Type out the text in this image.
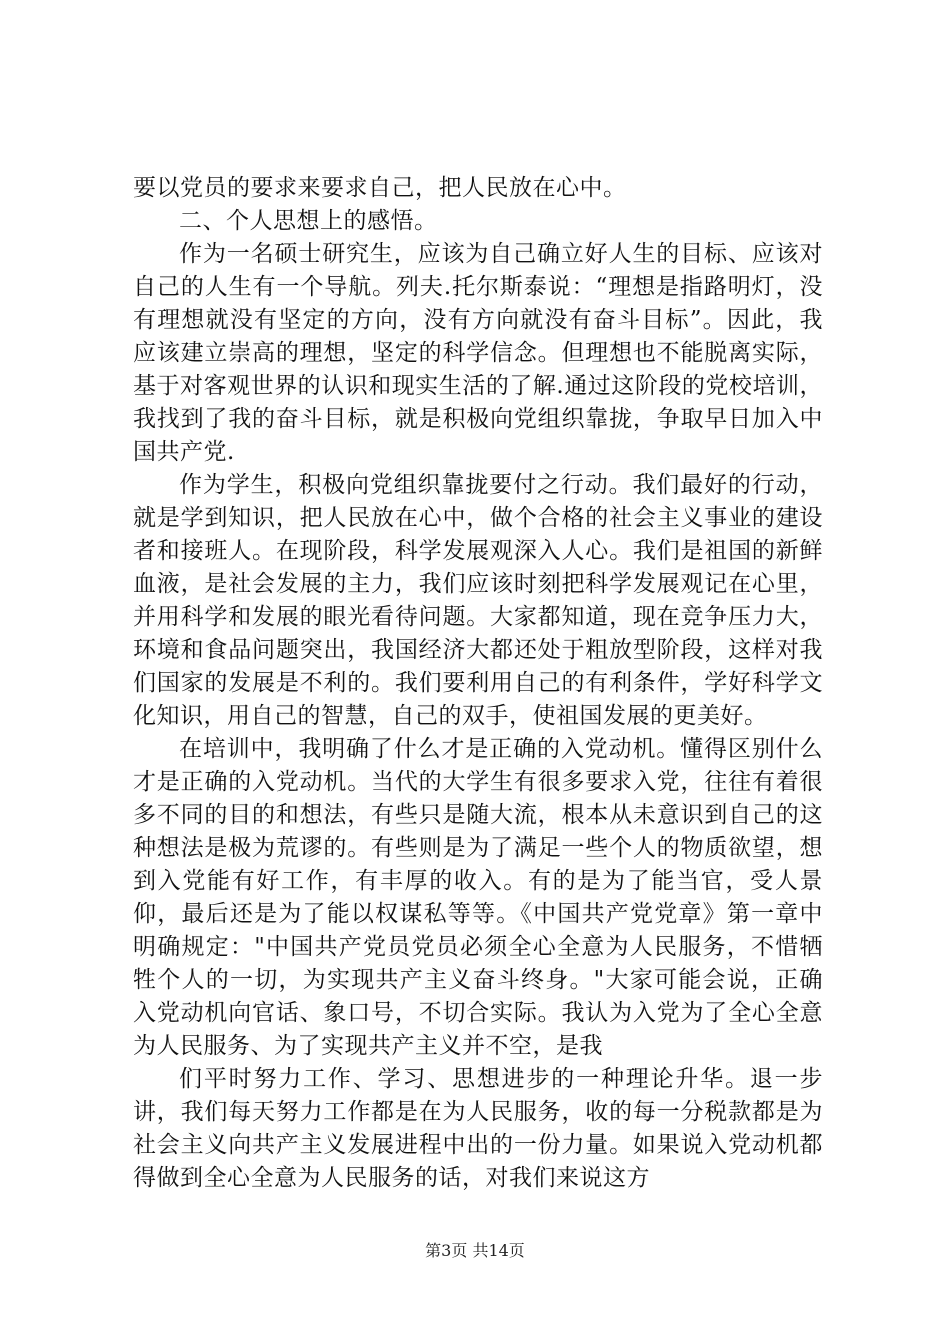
要以党员的要求来要求自己，把人民放在心中。

二、个人思想上的感悟。

作为一名硕士研究生，应该为自己确立好人生的目标、应该对自己的人生有一个导航。列夫.托尔斯泰说：“理想是指路明灯，没有理想就没有坚定的方向，没有方向就没有奋斗目标”。因此，我应该建立崇高的理想，坚定的科学信念。但理想也不能脱离实际，基于对客观世界的认识和现实生活的了解.通过这阶段的党校培训，我找到了我的奋斗目标，就是积极向党组织靠拢，争取早日加入中国共产党.

作为学生，积极向党组织靠拢要付之行动。我们最好的行动，就是学到知识，把人民放在心中，做个合格的社会主义事业的建设者和接班人。在现阶段，科学发展观深入人心。我们是祖国的新鲜血液，是社会发展的主力，我们应该时刻把科学发展观记在心里，并用科学和发展的眼光看待问题。大家都知道，现在竞争压力大，环境和食品问题突出，我国经济大都还处于粗放型阶段，这样对我们国家的发展是不利的。我们要利用自己的有利条件，学好科学文化知识，用自己的智慧，自己的双手，使祖国发展的更美好。

在培训中，我明确了什么才是正确的入党动机。懂得区别什么才是正确的入党动机。当代的大学生有很多要求入党，往往有着很多不同的目的和想法，有些只是随大流，根本从未意识到自己的这种想法是极为荒谬的。有些则是为了满足一些个人的物质欲望，想到入党能有好工作，有丰厚的收入。有的是为了能当官，受人景仰，最后还是为了能以权谋私等等。《中国共产党党章》第一章中明确规定："中国共产党员党员必须全心全意为人民服务，不惜牺牲个人的一切，为实现共产主义奋斗终身。"大家可能会说，正确入党动机向官话、象口号，不切合实际。我认为入党为了全心全意为人民服务、为了实现共产主义并不空，是我

们平时努力工作、学习、思想进步的一种理论升华。退一步讲，我们每天努力工作都是在为人民服务，收的每一分税款都是为社会主义向共产主义发展进程中出的一份力量。如果说入党动机都得做到全心全意为人民服务的话，对我们来说这方

第3页 共14页
